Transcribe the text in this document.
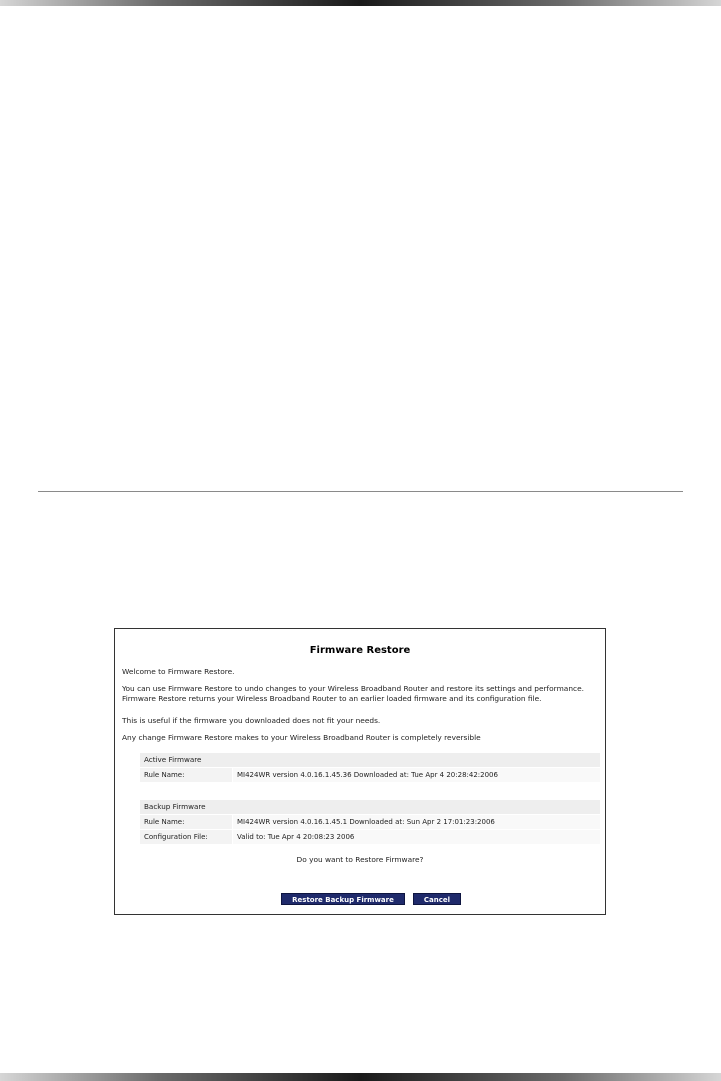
Firmware Restore
Welcome to Firmware Restore.
You can use Firmware Restore to undo changes to your Wireless Broadband Router and restore its settings and performance. Firmware Restore returns your Wireless Broadband Router to an earlier loaded firmware and its configuration file.
This is useful if the firmware you downloaded does not fit your needs.
Any change Firmware Restore makes to your Wireless Broadband Router is completely reversible
Active Firmware
Rule Name:	MI424WR version 4.0.16.1.45.36 Downloaded at: Tue Apr 4 20:28:42:2006
Backup Firmware
Rule Name:	MI424WR version 4.0.16.1.45.1 Downloaded at: Sun Apr 2 17:01:23:2006
Configuration File:	Valid to: Tue Apr 4 20:08:23 2006
Do you want to Restore Firmware?
Restore Backup Firmware	Cancel
